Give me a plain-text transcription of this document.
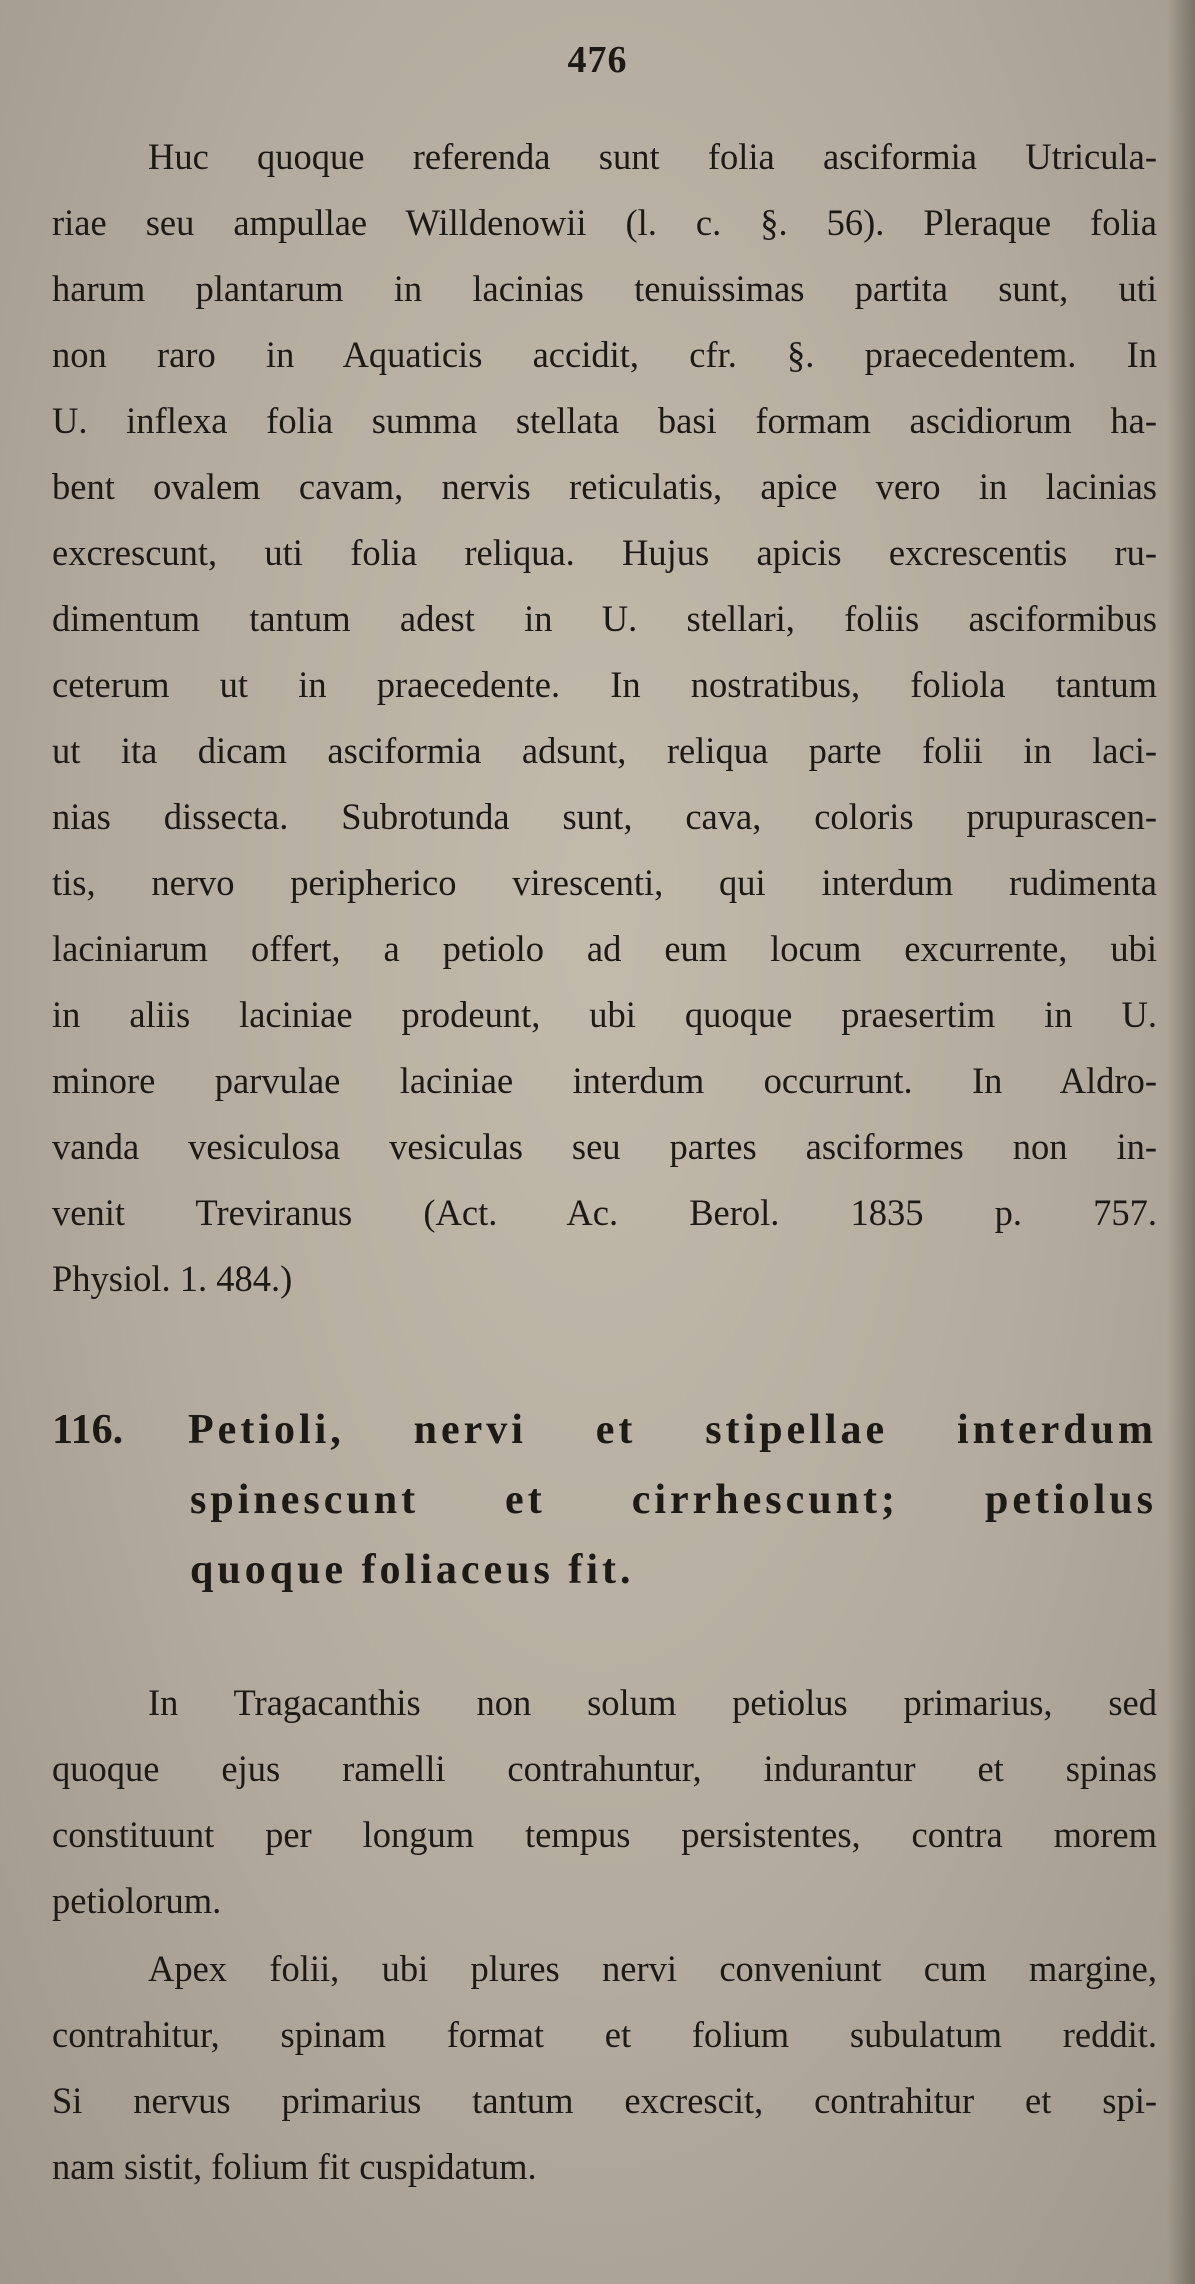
476
Huc quoque referenda sunt folia asciformia Utricula-
riae seu ampullae Willdenowii (l. c. §. 56). Pleraque folia
harum plantarum in lacinias tenuissimas partita sunt, uti
non raro in Aquaticis accidit, cfr. §. praecedentem. In
U. inflexa folia summa stellata basi formam ascidiorum ha-
bent ovalem cavam, nervis reticulatis, apice vero in lacinias
excrescunt, uti folia reliqua. Hujus apicis excrescentis ru-
dimentum tantum adest in U. stellari, foliis asciformibus
ceterum ut in praecedente. In nostratibus, foliola tantum
ut ita dicam asciformia adsunt, reliqua parte folii in laci-
nias dissecta. Subrotunda sunt, cava, coloris prupurascen-
tis, nervo peripherico virescenti, qui interdum rudimenta
laciniarum offert, a petiolo ad eum locum excurrente, ubi
in aliis laciniae prodeunt, ubi quoque praesertim in U.
minore parvulae laciniae interdum occurrunt. In Aldro-
vanda vesiculosa vesiculas seu partes asciformes non in-
venit Treviranus (Act. Ac. Berol. 1835 p. 757.
Physiol. 1. 484.)
116. Petioli, nervi et stipellae interdum
spinescunt et cirrhescunt; petiolus
quoque foliaceus fit.
In Tragacanthis non solum petiolus primarius, sed
quoque ejus ramelli contrahuntur, indurantur et spinas
constituunt per longum tempus persistentes, contra morem
petiolorum.
Apex folii, ubi plures nervi conveniunt cum margine,
contrahitur, spinam format et folium subulatum reddit.
Si nervus primarius tantum excrescit, contrahitur et spi-
nam sistit, folium fit cuspidatum.
